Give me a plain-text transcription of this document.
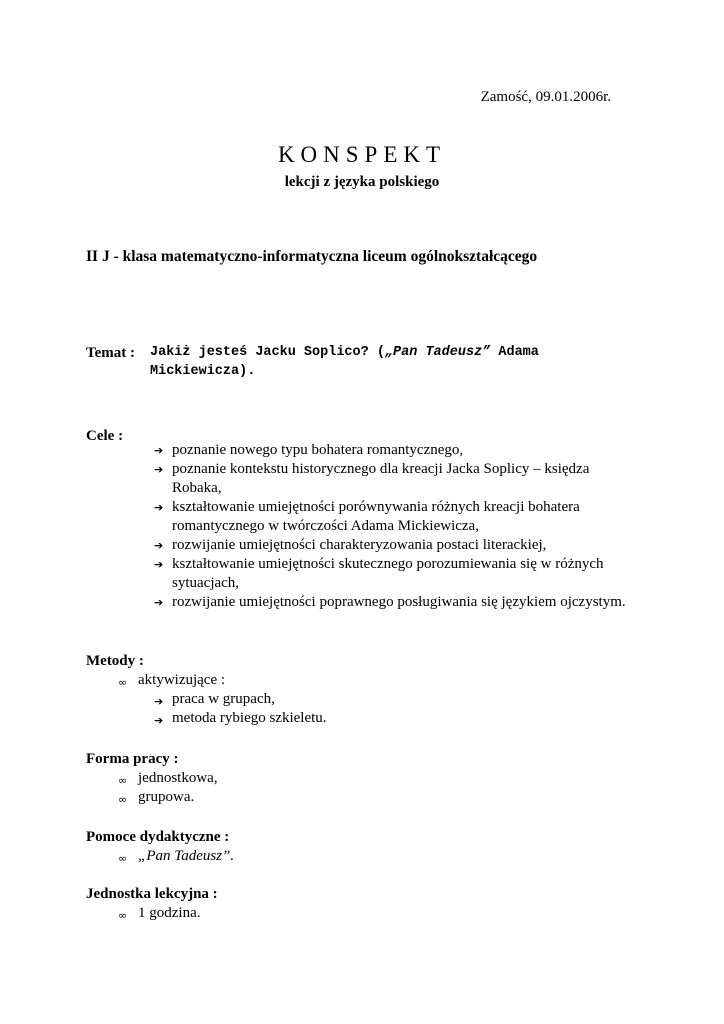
Zamość, 09.01.2006r.
KONSPEKT
lekcji z języka polskiego
II J - klasa matematyczno-informatyczna liceum ogólnokształcącego
Temat : Jakiż jesteś Jacku Soplico? („Pan Tadeusz” Adama Mickiewicza).
Cele :
➔ poznanie nowego typu bohatera romantycznego,
➔ poznanie kontekstu historycznego dla kreacji Jacka Soplicy – księdza Robaka,
➔ kształtowanie umiejętności porównywania różnych kreacji bohatera romantycznego w twórczości Adama Mickiewicza,
➔ rozwijanie umiejętności charakteryzowania postaci literackiej,
➔ kształtowanie umiejętności skutecznego porozumiewania się w różnych sytuacjach,
➔ rozwijanie umiejętności poprawnego posługiwania się językiem ojczystym.
Metody :
∞ aktywizujące :
➔ praca w grupach,
➔ metoda rybiego szkieletu.
Forma pracy :
∞ jednostkowa,
∞ grupowa.
Pomoce dydaktyczne :
∞ „Pan Tadeusz”.
Jednostka lekcyjna :
∞ 1 godzina.
